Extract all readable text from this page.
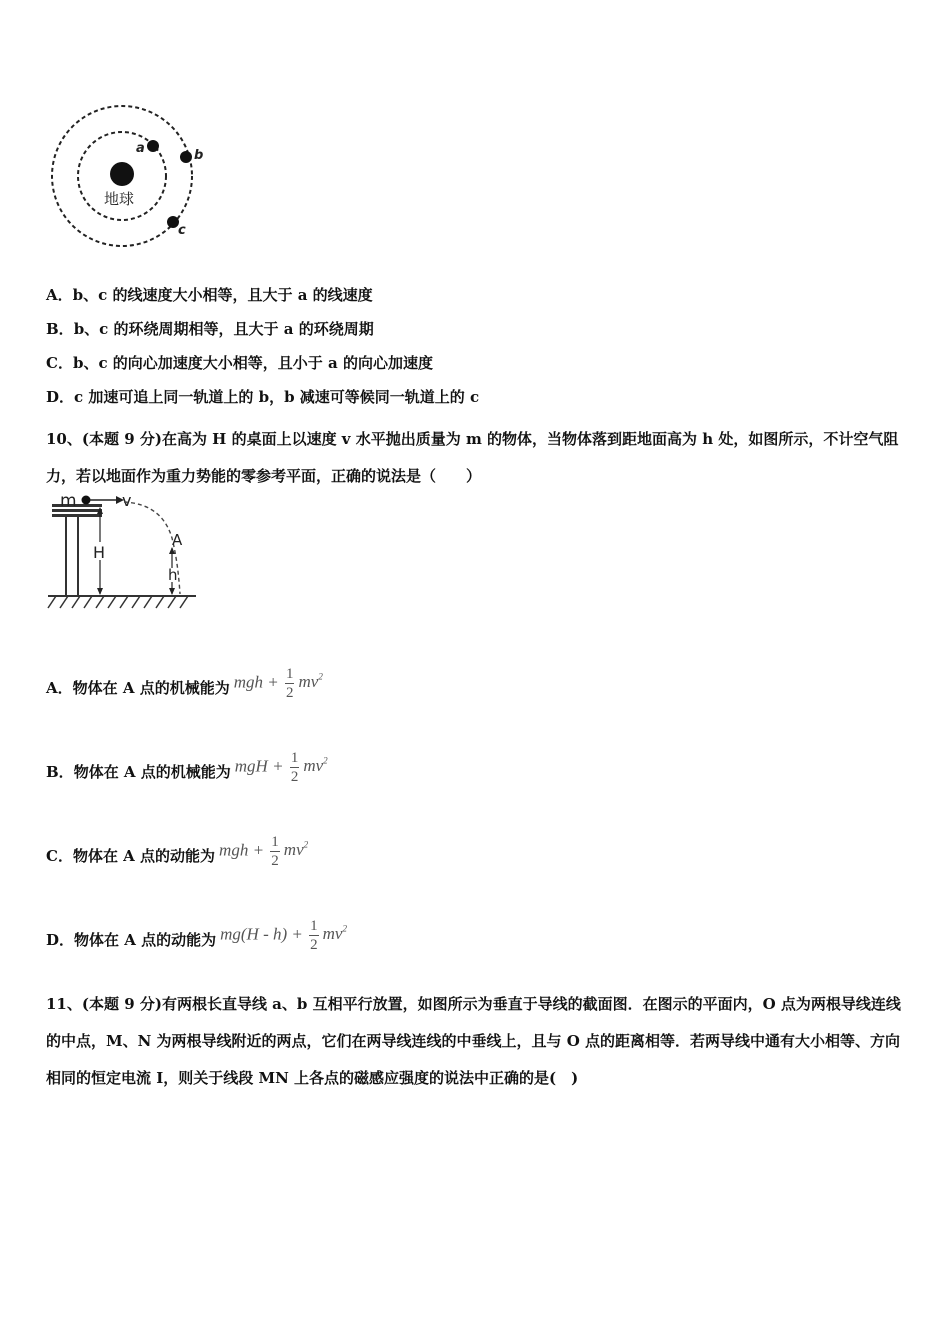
地球
a	b
c
A．b、c 的线速度大小相等，且大于 a 的线速度
B．b、c 的环绕周期相等，且大于 a 的环绕周期
C．b、c 的向心加速度大小相等，且小于 a 的向心加速度
D．c 加速可追上同一轨道上的 b，b 减速可等候同一轨道上的 c
10、(本题 9 分)在高为 H 的桌面上以速度 v 水平抛出质量为 m 的物体，当物体落到距地面高为 h 处，如图所示，不计空气阻力，若以地面作为重力势能的零参考平面，正确的说法是（　　）
m	v
H
A
h
A． 物体在 A 点的机械能为 mgh + $\frac{1}{2} mv^2$
B． 物体在 A 点的机械能为 mgH + $\frac{1}{2} mv^2$
C． 物体在 A 点的动能为 mgh + $\frac{1}{2} mv^2$
D． 物体在 A 点的动能为 $mg(H - h) + \frac{1}{2} mv^2$
11、(本题 9 分)有两根长直导线 a、b 互相平行放置，如图所示为垂直于导线的截面图．在图示的平面内，O 点为两根导线连线的中点，M、N 为两根导线附近的两点，它们在两导线连线的中垂线上，且与 O 点的距离相等．若两导线中通有大小相等、方向相同的恒定电流 I，则关于线段 MN 上各点的磁感应强度的说法中正确的是(　)
